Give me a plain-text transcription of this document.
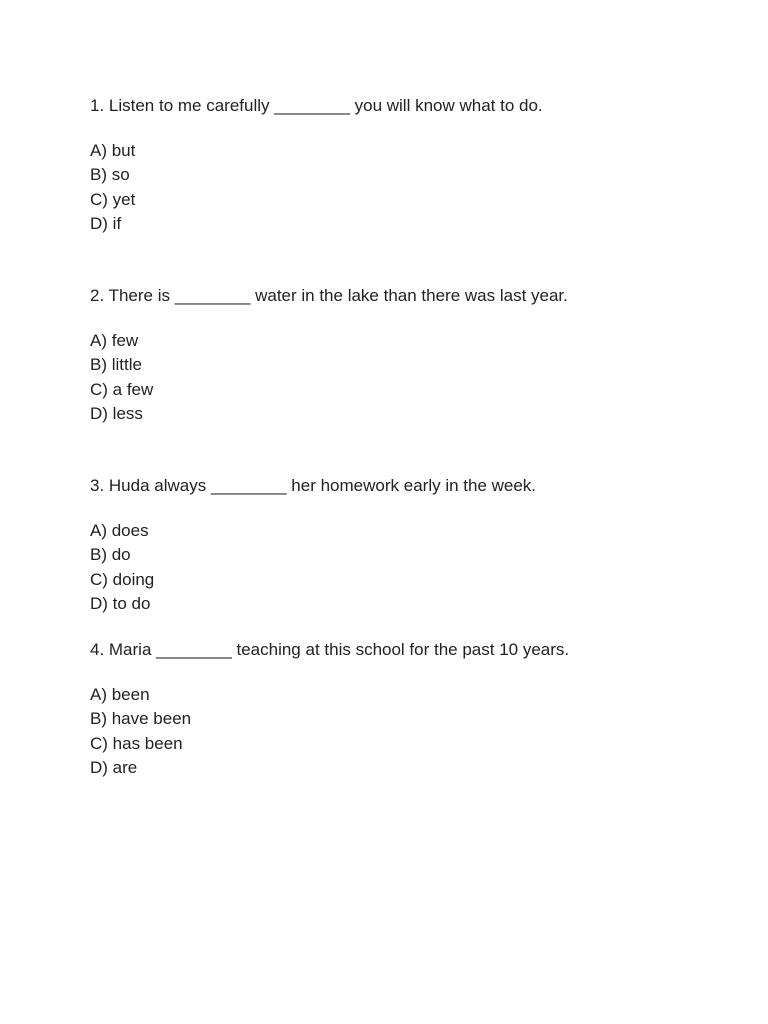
1. Listen to me carefully ________ you will know what to do.

A) but
B) so
C) yet
D) if

2. There is ________ water in the lake than there was last year.

A) few
B) little
C) a few
D) less

3. Huda always ________ her homework early in the week.

A) does
B) do
C) doing
D) to do

4. Maria ________ teaching at this school for the past 10 years.

A) been
B) have been
C) has been
D) are
